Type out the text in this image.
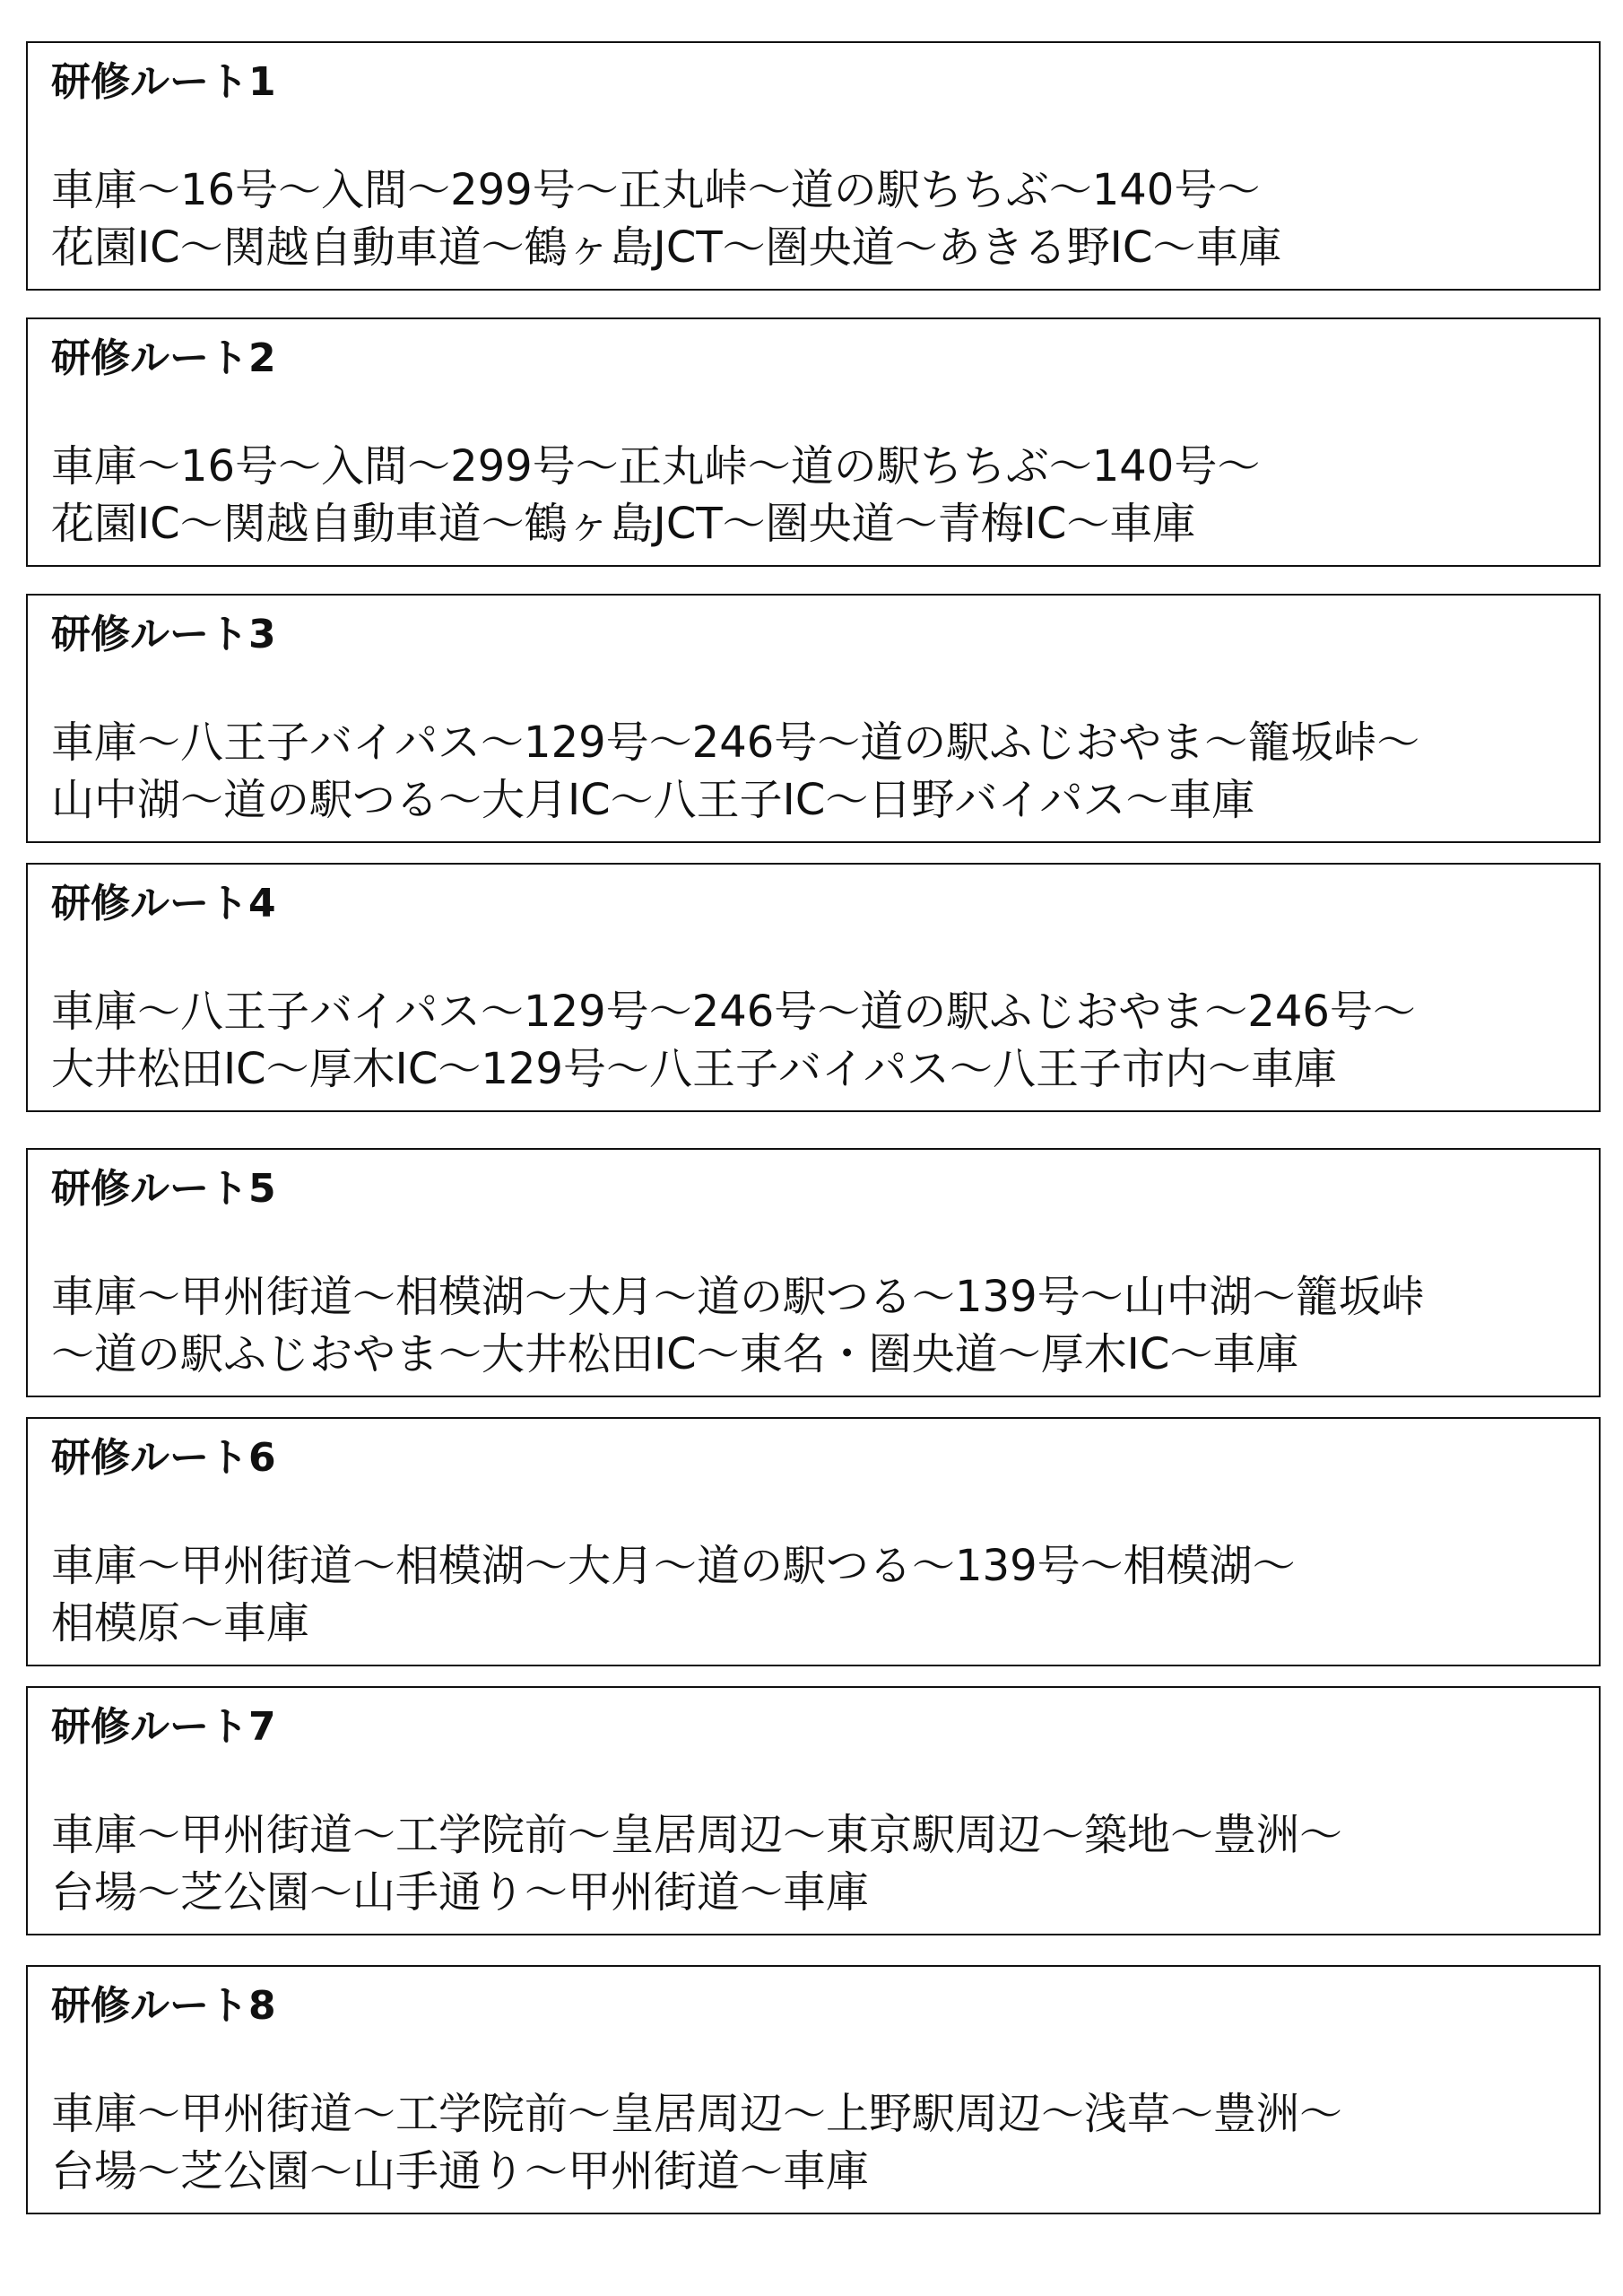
研修ルート1

車庫〜16号〜入間〜299号〜正丸峠〜道の駅ちちぶ〜140号〜
花園IC〜関越自動車道〜鶴ヶ島JCT〜圏央道〜あきる野IC〜車庫

研修ルート2

車庫〜16号〜入間〜299号〜正丸峠〜道の駅ちちぶ〜140号〜
花園IC〜関越自動車道〜鶴ヶ島JCT〜圏央道〜青梅IC〜車庫

研修ルート3

車庫〜八王子バイパス〜129号〜246号〜道の駅ふじおやま〜籠坂峠〜
山中湖〜道の駅つる〜大月IC〜八王子IC〜日野バイパス〜車庫

研修ルート4

車庫〜八王子バイパス〜129号〜246号〜道の駅ふじおやま〜246号〜
大井松田IC〜厚木IC〜129号〜八王子バイパス〜八王子市内〜車庫

研修ルート5

車庫〜甲州街道〜相模湖〜大月〜道の駅つる〜139号〜山中湖〜籠坂峠
〜道の駅ふじおやま〜大井松田IC〜東名・圏央道〜厚木IC〜車庫

研修ルート6

車庫〜甲州街道〜相模湖〜大月〜道の駅つる〜139号〜相模湖〜
相模原〜車庫

研修ルート7

車庫〜甲州街道〜工学院前〜皇居周辺〜東京駅周辺〜築地〜豊洲〜
台場〜芝公園〜山手通り〜甲州街道〜車庫

研修ルート8

車庫〜甲州街道〜工学院前〜皇居周辺〜上野駅周辺〜浅草〜豊洲〜
台場〜芝公園〜山手通り〜甲州街道〜車庫
